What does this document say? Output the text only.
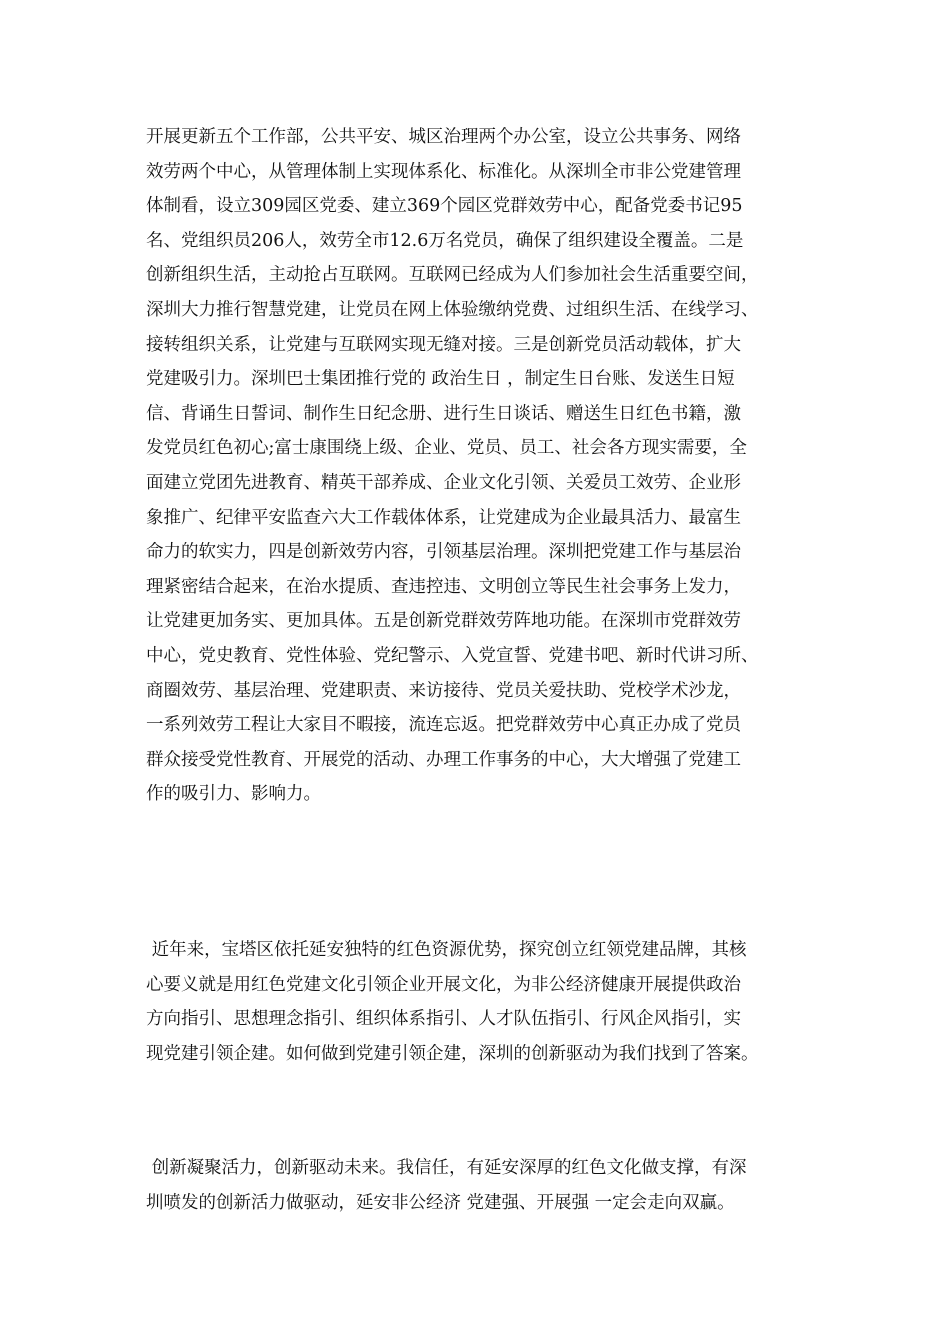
开展更新五个工作部，公共平安、城区治理两个办公室，设立公共事务、网络
效劳两个中心，从管理体制上实现体系化、标准化。从深圳全市非公党建管理
体制看，设立309园区党委、建立369个园区党群效劳中心，配备党委书记95
名、党组织员206人，效劳全市12.6万名党员，确保了组织建设全覆盖。二是
创新组织生活，主动抢占互联网。互联网已经成为人们参加社会生活重要空间，
深圳大力推行智慧党建，让党员在网上体验缴纳党费、过组织生活、在线学习、
接转组织关系，让党建与互联网实现无缝对接。三是创新党员活动载体，扩大
党建吸引力。深圳巴士集团推行党的 政治生日 ，制定生日台账、发送生日短
信、背诵生日誓词、制作生日纪念册、进行生日谈话、赠送生日红色书籍，激
发党员红色初心;富士康围绕上级、企业、党员、员工、社会各方现实需要，全
面建立党团先进教育、精英干部养成、企业文化引领、关爱员工效劳、企业形
象推广、纪律平安监查六大工作载体体系，让党建成为企业最具活力、最富生
命力的软实力，四是创新效劳内容，引领基层治理。深圳把党建工作与基层治
理紧密结合起来，在治水提质、查违控违、文明创立等民生社会事务上发力，
让党建更加务实、更加具体。五是创新党群效劳阵地功能。在深圳市党群效劳
中心，党史教育、党性体验、党纪警示、入党宣誓、党建书吧、新时代讲习所、
商圈效劳、基层治理、党建职责、来访接待、党员关爱扶助、党校学术沙龙，
一系列效劳工程让大家目不暇接，流连忘返。把党群效劳中心真正办成了党员
群众接受党性教育、开展党的活动、办理工作事务的中心，大大增强了党建工
作的吸引力、影响力。
近年来，宝塔区依托延安独特的红色资源优势，探究创立红领党建品牌，其核
心要义就是用红色党建文化引领企业开展文化，为非公经济健康开展提供政治
方向指引、思想理念指引、组织体系指引、人才队伍指引、行风企风指引，实
现党建引领企建。如何做到党建引领企建，深圳的创新驱动为我们找到了答案。
创新凝聚活力，创新驱动未来。我信任，有延安深厚的红色文化做支撑，有深
圳喷发的创新活力做驱动，延安非公经济 党建强、开展强 一定会走向双赢。
